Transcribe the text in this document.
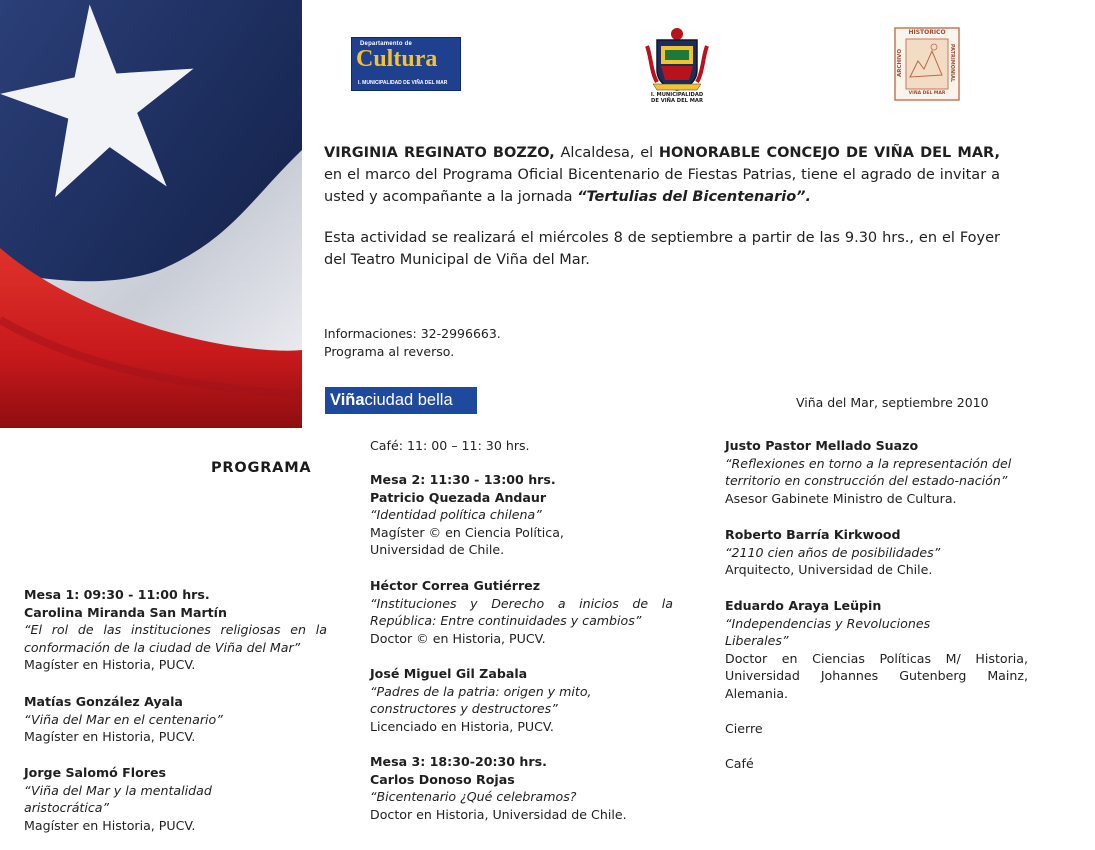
Departamento de
Cultura
I. MUNICIPALIDAD DE VIÑA DEL MAR
I. MUNICIPALIDAD
DE VIÑA DEL MAR
HISTORICO
VIÑA DEL MAR
ARCHIVO	PATRIMONIAL
VIRGINIA REGINATO BOZZO, Alcaldesa, el HONORABLE CONCEJO DE VIÑA DEL MAR, en el marco del Programa Oficial Bicentenario de Fiestas Patrias, tiene el agrado de invitar a usted y acompañante a la jornada “Tertulias del Bicentenario”.
Esta actividad se realizará el miércoles 8 de septiembre a partir de las 9.30 hrs., en el Foyer del Teatro Municipal de Viña del Mar.
Informaciones: 32-2996663.
Programa al reverso.
Viñaciudad bella	Viña del Mar, septiembre 2010
PROGRAMA
Mesa 1: 09:30 - 11:00 hrs.
Carolina Miranda San Martín
“El rol de las instituciones religiosas en la conformación de la ciudad de Viña del Mar”
Magíster en Historia, PUCV.
Matías González Ayala
“Viña del Mar en el centenario”
Magíster en Historia, PUCV.
Jorge Salomó Flores
“Viña del Mar y la mentalidad aristocrática”
Magíster en Historia, PUCV.
Café: 11: 00 – 11: 30 hrs.
Mesa 2: 11:30 - 13:00 hrs.
Patricio Quezada Andaur
“Identidad política chilena”
Magíster © en Ciencia Política, Universidad de Chile.
Héctor Correa Gutiérrez
“Instituciones y Derecho a inicios de la República: Entre continuidades y cambios”
Doctor © en Historia, PUCV.
José Miguel Gil Zabala
“Padres de la patria: origen y mito, constructores y destructores”
Licenciado en Historia, PUCV.
Mesa 3: 18:30-20:30 hrs.
Carlos Donoso Rojas
“Bicentenario ¿Qué celebramos?
Doctor en Historia, Universidad de Chile.
Justo Pastor Mellado Suazo
“Reflexiones en torno a la representación del territorio en construcción del estado-nación”
Asesor Gabinete Ministro de Cultura.
Roberto Barría Kirkwood
“2110 cien años de posibilidades”
Arquitecto, Universidad de Chile.
Eduardo Araya Leüpin
“Independencias y Revoluciones Liberales”
Doctor en Ciencias Políticas M/ Historia, Universidad Johannes Gutenberg Mainz, Alemania.
Cierre
Café
